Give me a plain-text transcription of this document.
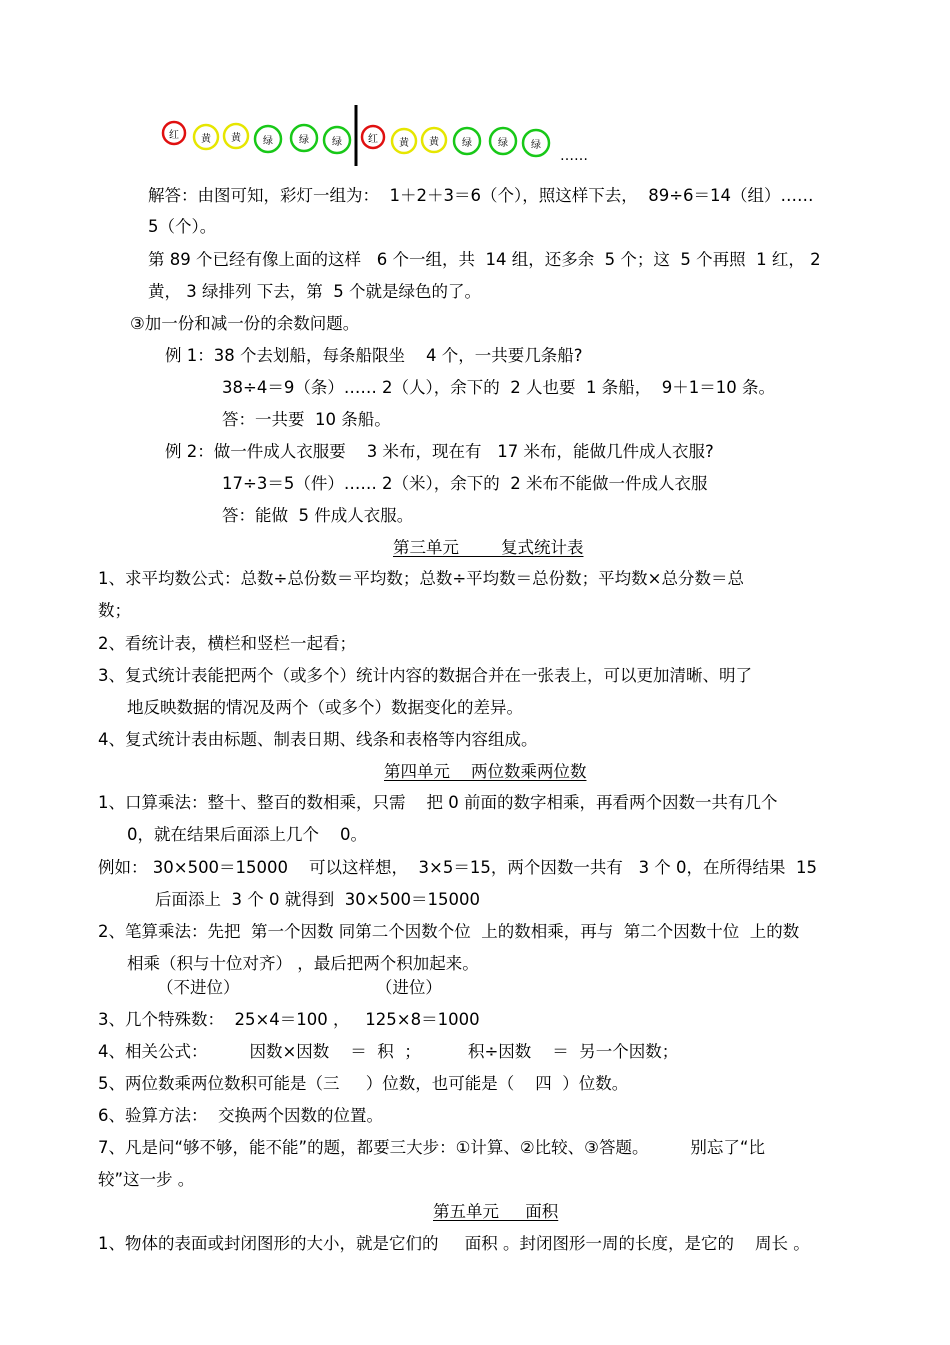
红 黄 黄 绿	绿 绿	红 黄 黄 绿	绿 绿
……
解答：由图可知，彩灯一组为：  1＋2＋3＝6（个），照这样下去，  89÷6＝14（组）……
5（个）。
第 89 个已经有像上面的这样   6 个一组，共  14 组，还多余  5 个；这  5 个再照  1 红， 2
黄， 3 绿排列 下去，第  5 个就是绿色的了。
③加一份和减一份的余数问题。
例 1：38 个去划船，每条船限坐    4 个，一共要几条船?
38÷4＝9（条）…… 2（人），余下的  2 人也要  1 条船，  9＋1＝10 条。
答：一共要  10 条船。
例 2：做一件成人衣服要    3 米布，现在有   17 米布，能做几件成人衣服?
17÷3＝5（件）…… 2（米），余下的  2 米布不能做一件成人衣服
答：能做  5 件成人衣服。
第三单元        复式统计表
1、求平均数公式：总数÷总份数＝平均数；总数÷平均数＝总份数；平均数×总分数＝总
数；
2、看统计表，横栏和竖栏一起看；
3、复式统计表能把两个（或多个）统计内容的数据合并在一张表上，可以更加清晰、明了
地反映数据的情况及两个（或多个）数据变化的差异。
4、复式统计表由标题、制表日期、线条和表格等内容组成。
第四单元    两位数乘两位数
1、口算乘法：整十、整百的数相乘，只需    把 0 前面的数字相乘，再看两个因数一共有几个
0，就在结果后面添上几个    0。
例如： 30×500＝15000    可以这样想，  3×5＝15，两个因数一共有   3 个 0，在所得结果  15
后面添上  3 个 0 就得到  30×500＝15000
2、笔算乘法：先把  第一个因数 同第二个因数个位  上的数相乘，再与  第二个因数十位  上的数
相乘（积与十位对齐） ，最后把两个积加起来。
（不进位）                          （进位）
3、几个特殊数：  25×4＝100 ，   125×8＝1000
4、相关公式：        因数×因数    ＝  积  ；         积÷因数    ＝  另一个因数；
5、两位数乘两位数积可能是（三     ）位数，也可能是（    四  ）位数。
6、验算方法：  交换两个因数的位置。
7、凡是问“够不够，能不能”的题，都要三大步：①计算、②比较、③答题。        别忘了“比
较”这一步 。
第五单元     面积
1、物体的表面或封闭图形的大小，就是它们的     面积 。封闭图形一周的长度，是它的    周长 。
